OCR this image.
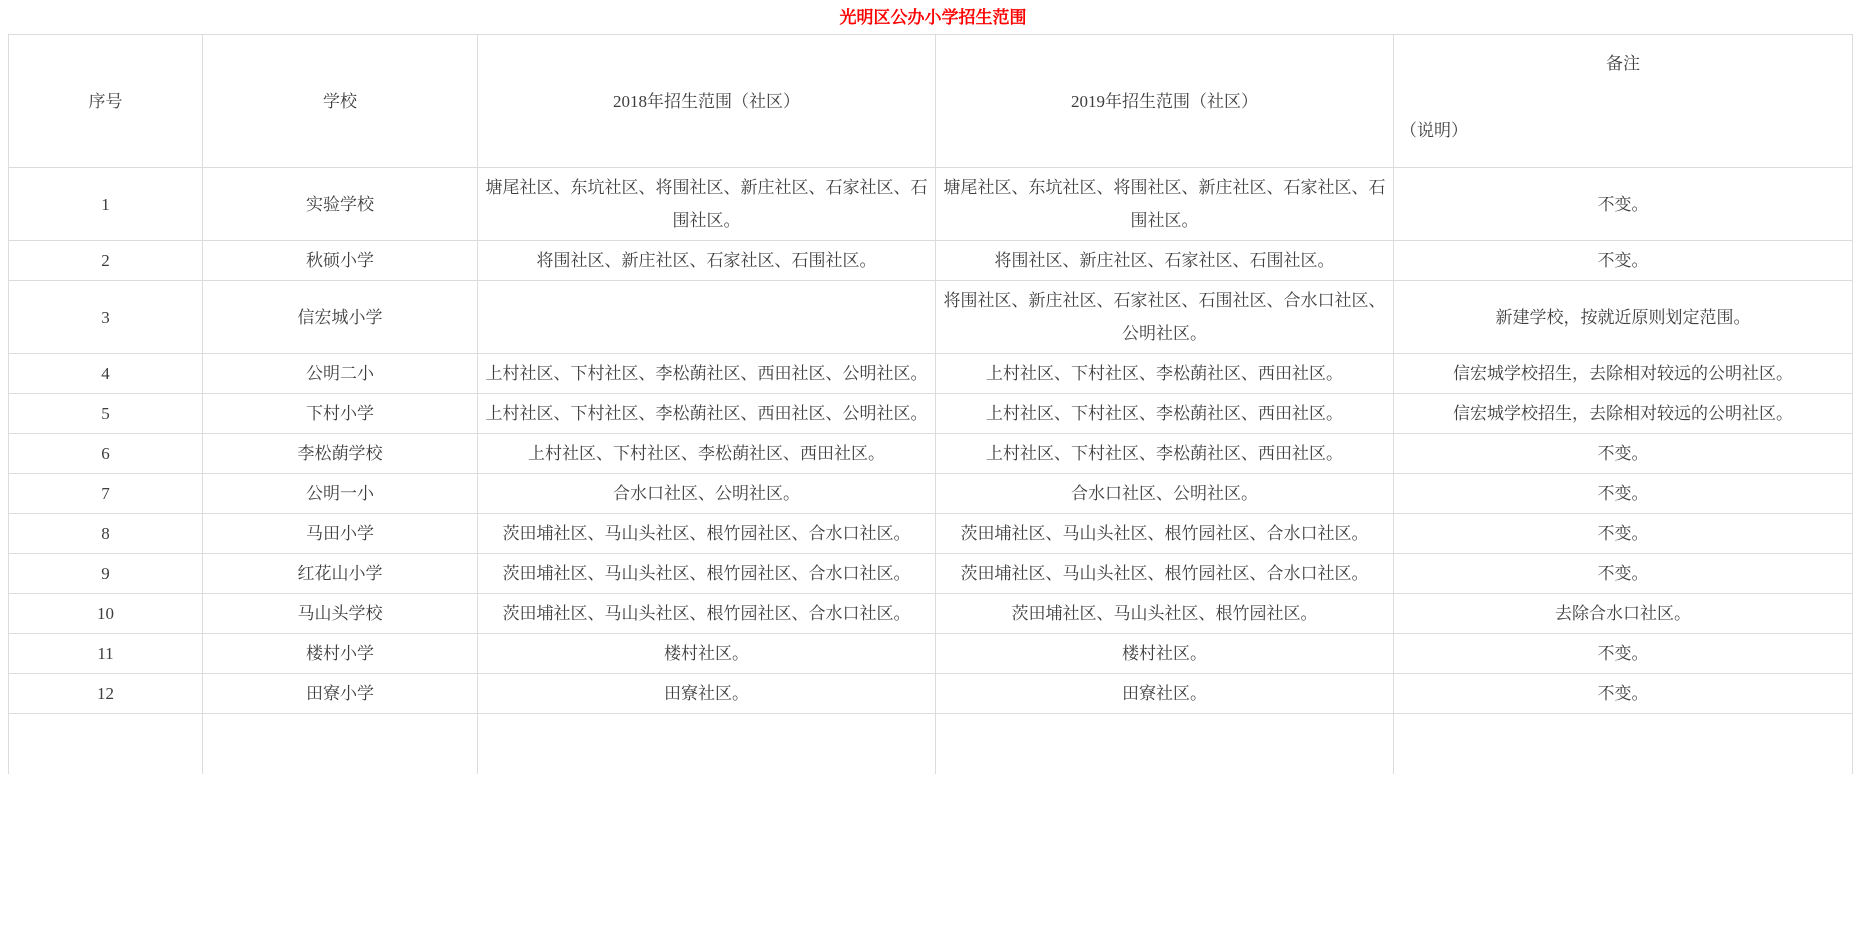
光明区公办小学招生范围
序号	学校	2018年招生范围（社区）	2019年招生范围（社区）	备注
（说明）

1	实验学校	塘尾社区、东坑社区、将围社区、新庄社区、石家社区、石围社区。	塘尾社区、东坑社区、将围社区、新庄社区、石家社区、石围社区。	不变。
2	秋硕小学	将围社区、新庄社区、石家社区、石围社区。	将围社区、新庄社区、石家社区、石围社区。	不变。
3	信宏城小学		将围社区、新庄社区、石家社区、石围社区、合水口社区、公明社区。	新建学校，按就近原则划定范围。
4	公明二小	上村社区、下村社区、李松蓢社区、西田社区、公明社区。	上村社区、下村社区、李松蓢社区、西田社区。	信宏城学校招生，去除相对较远的公明社区。
5	下村小学	上村社区、下村社区、李松蓢社区、西田社区、公明社区。	上村社区、下村社区、李松蓢社区、西田社区。	信宏城学校招生，去除相对较远的公明社区。
6	李松蓢学校	上村社区、下村社区、李松蓢社区、西田社区。	上村社区、下村社区、李松蓢社区、西田社区。	不变。
7	公明一小	合水口社区、公明社区。	合水口社区、公明社区。	不变。
8	马田小学	茨田埔社区、马山头社区、根竹园社区、合水口社区。	茨田埔社区、马山头社区、根竹园社区、合水口社区。	不变。
9	红花山小学	茨田埔社区、马山头社区、根竹园社区、合水口社区。	茨田埔社区、马山头社区、根竹园社区、合水口社区。	不变。
10	马山头学校	茨田埔社区、马山头社区、根竹园社区、合水口社区。	茨田埔社区、马山头社区、根竹园社区。	去除合水口社区。
11	楼村小学	楼村社区。	楼村社区。	不变。
12	田寮小学	田寮社区。	田寮社区。	不变。
